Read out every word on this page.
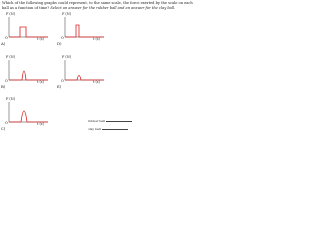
Which of the following graphs could represent, to the same scale, the force exerted by the scale on each ball as a function of time? Select an answer for the rubber ball and an answer for the clay ball.
F (N)
O	t (s)
A)
F (N)
O	t (s)
B)
F (N)
O	t (s)
C)
F (N)
O	t (s)
D)
F (N)
O	t (s)
E)
rubber ball
clay ball
